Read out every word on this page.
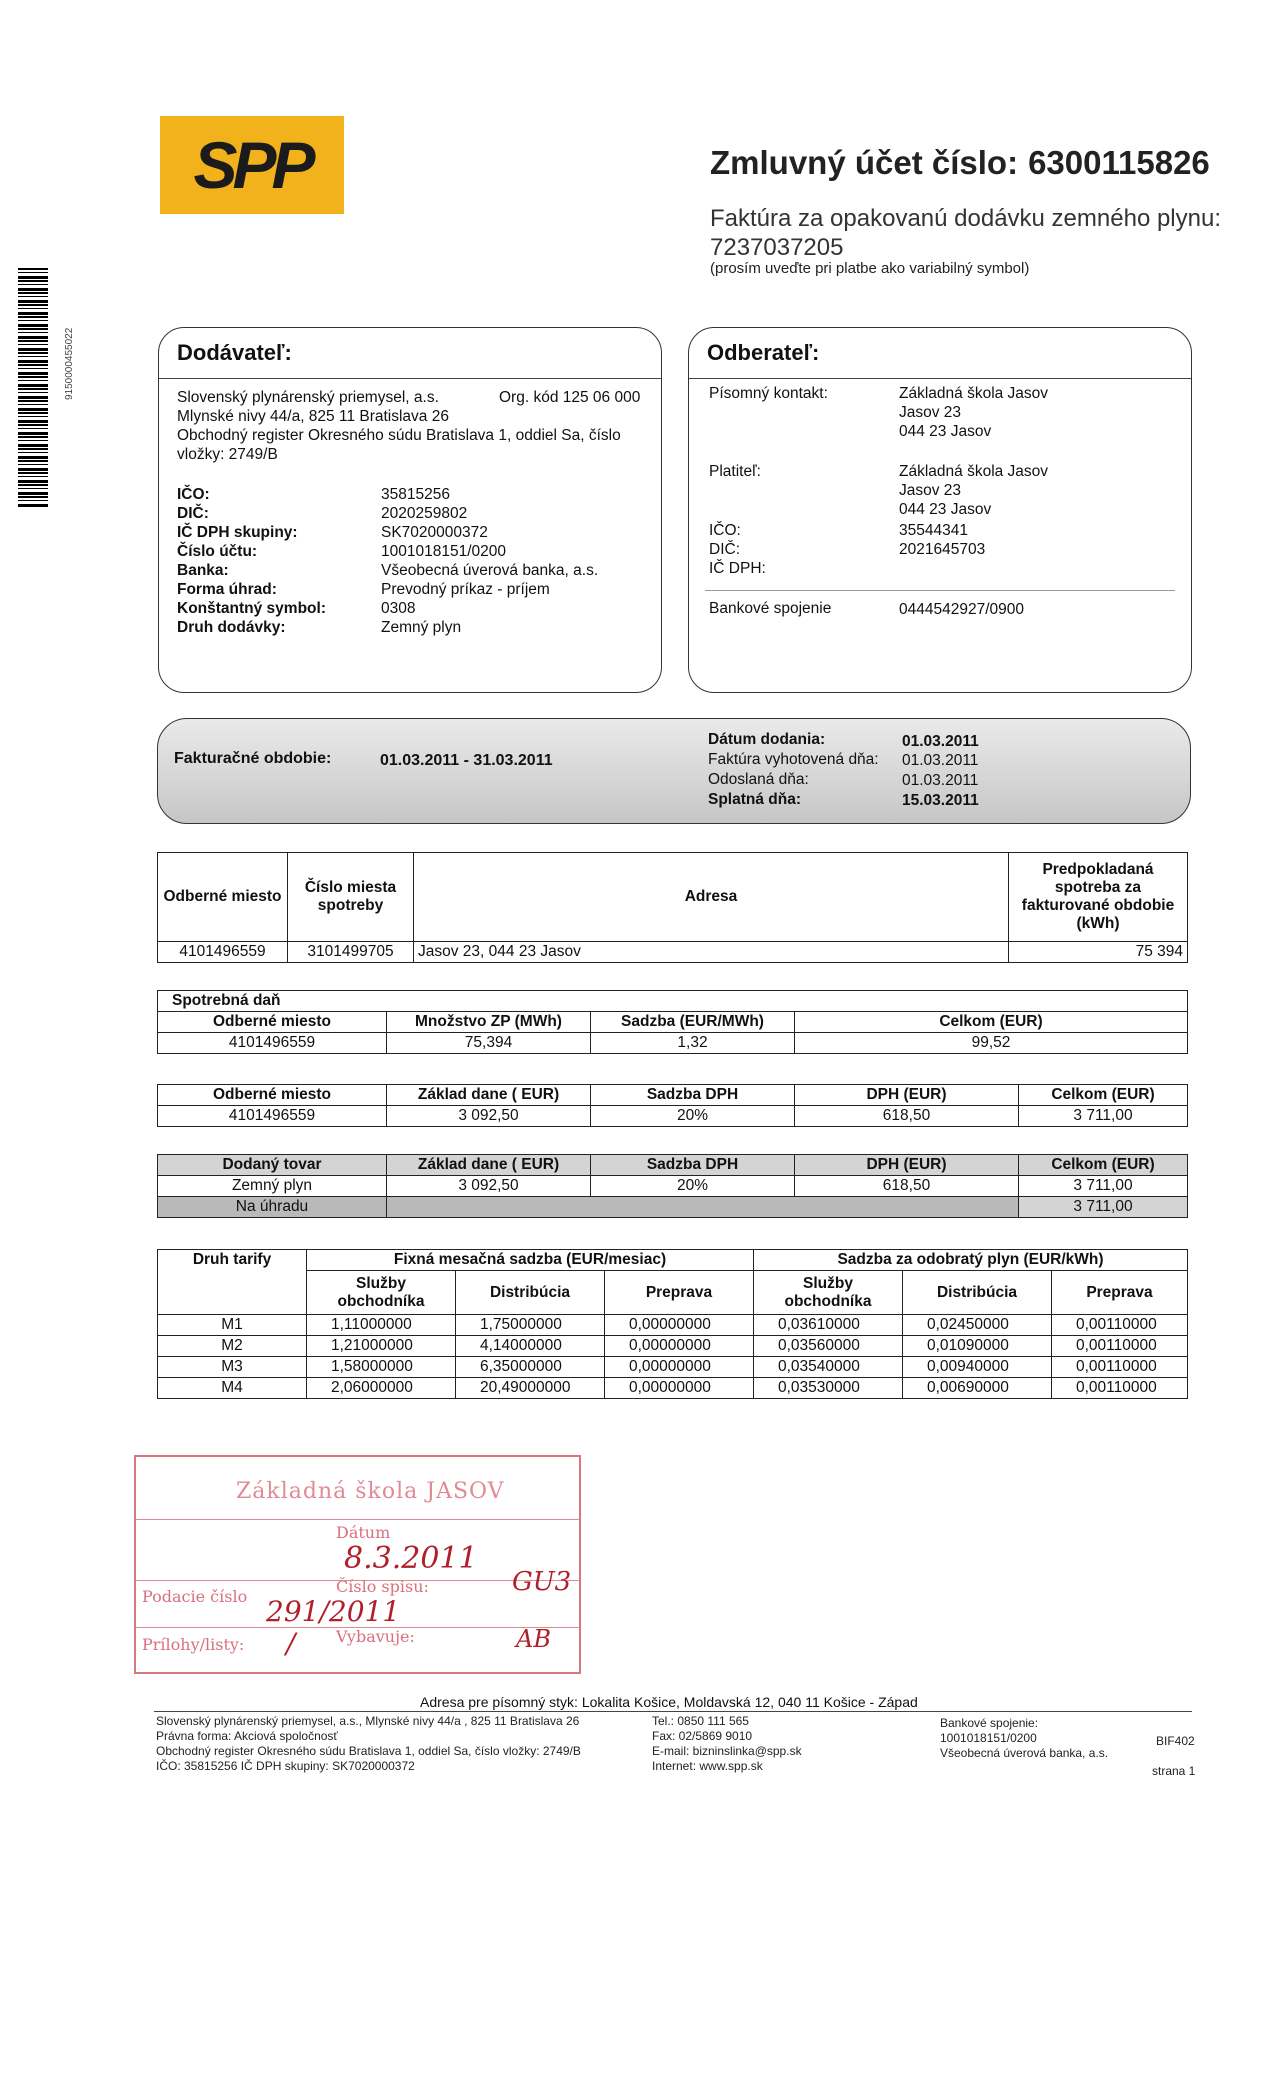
SPP	Zmluvný účet číslo: 6300115826
Faktúra za opakovanú dodávku zemného plynu:
7237037205
(prosím uveďte pri platbe ako variabilný symbol)
9150000455022	Dodávateľ:
Slovenský plynárenský priemysel, a.s.	Org. kód 125 06 000
Mlynské nivy 44/a, 825 11 Bratislava 26
Obchodný register Okresného súdu Bratislava 1, oddiel Sa, číslo
vložky: 2749/B
IČO:	35815256
DIČ:	2020259802
IČ DPH skupiny:	SK7020000372
Číslo účtu:	1001018151/0200
Banka:	Všeobecná úverová banka, a.s.
Forma úhrad:	Prevodný príkaz - príjem
Konštantný symbol:	0308
Druh dodávky:	Zemný plyn
Odberateľ:
Písomný kontakt:	Základná škola Jasov
Jasov 23
044 23 Jasov
Platiteľ:	Základná škola Jasov
Jasov 23
044 23 Jasov
IČO:	35544341
DIČ:	2021645703
IČ DPH:
Bankové spojenie	0444542927/0900
Fakturačné obdobie:	01.03.2011 - 31.03.2011
Dátum dodania:	01.03.2011
Faktúra vyhotovená dňa: 01.03.2011
Odoslaná dňa:	01.03.2011
Splatná dňa:	15.03.2011
Odberné miesto	Číslo miesta spotreby	Adresa	Predpokladaná spotreba za fakturované obdobie (kWh)
4101496559	3101499705	Jasov 23, 044 23 Jasov	75 394
Spotrebná daň			
Odberné miesto	Množstvo ZP (MWh)	Sadzba (EUR/MWh)	Celkom (EUR)
4101496559	75,394	1,32	99,52
Odberné miesto	Základ dane ( EUR)	Sadzba DPH	DPH (EUR)	Celkom (EUR)
4101496559	3 092,50	20%	618,50	3 711,00
Dodaný tovar	Základ dane ( EUR)	Sadzba DPH	DPH (EUR)	Celkom (EUR)
Zemný plyn	3 092,50	20%	618,50	3 711,00
Na úhradu				3 711,00
Druh tarify	Fixná mesačná sadzba (EUR/mesiac)			Sadzba za odobratý plyn (EUR/kWh)		
	Služby obchodníka	Distribúcia	Preprava	Služby obchodníka	Distribúcia	Preprava
M1	1,11000000	1,75000000	0,00000000	0,03610000	0,02450000	0,00110000
M2	1,21000000	4,14000000	0,00000000	0,03560000	0,01090000	0,00110000
M3	1,58000000	6,35000000	0,00000000	0,03540000	0,00940000	0,00110000
M4	2,06000000	20,49000000	0,00000000	0,03530000	0,00690000	0,00110000
Základná škola JASOV
Dátum
8.3.2011
Podacie číslo 291/2011
Číslo spisu:
Prílohy/listy: /	Vybavuje:
GU3
AB
Adresa pre písomný styk: Lokalita Košice, Moldavská 12, 040 11 Košice - Západ
Slovenský plynárenský priemysel, a.s., Mlynské nivy 44/a , 825 11 Bratislava 26
Právna forma: Akciová spoločnosť
Obchodný register Okresného súdu Bratislava 1, oddiel Sa, číslo vložky: 2749/B
IČO: 35815256 IČ DPH skupiny: SK7020000372
Tel.: 0850 111 565
Fax: 02/5869 9010
E-mail: bizninslinka@spp.sk
Internet: www.spp.sk
Bankové spojenie:
1001018151/0200
Všeobecná úverová banka, a.s.
BIF402
strana 1
